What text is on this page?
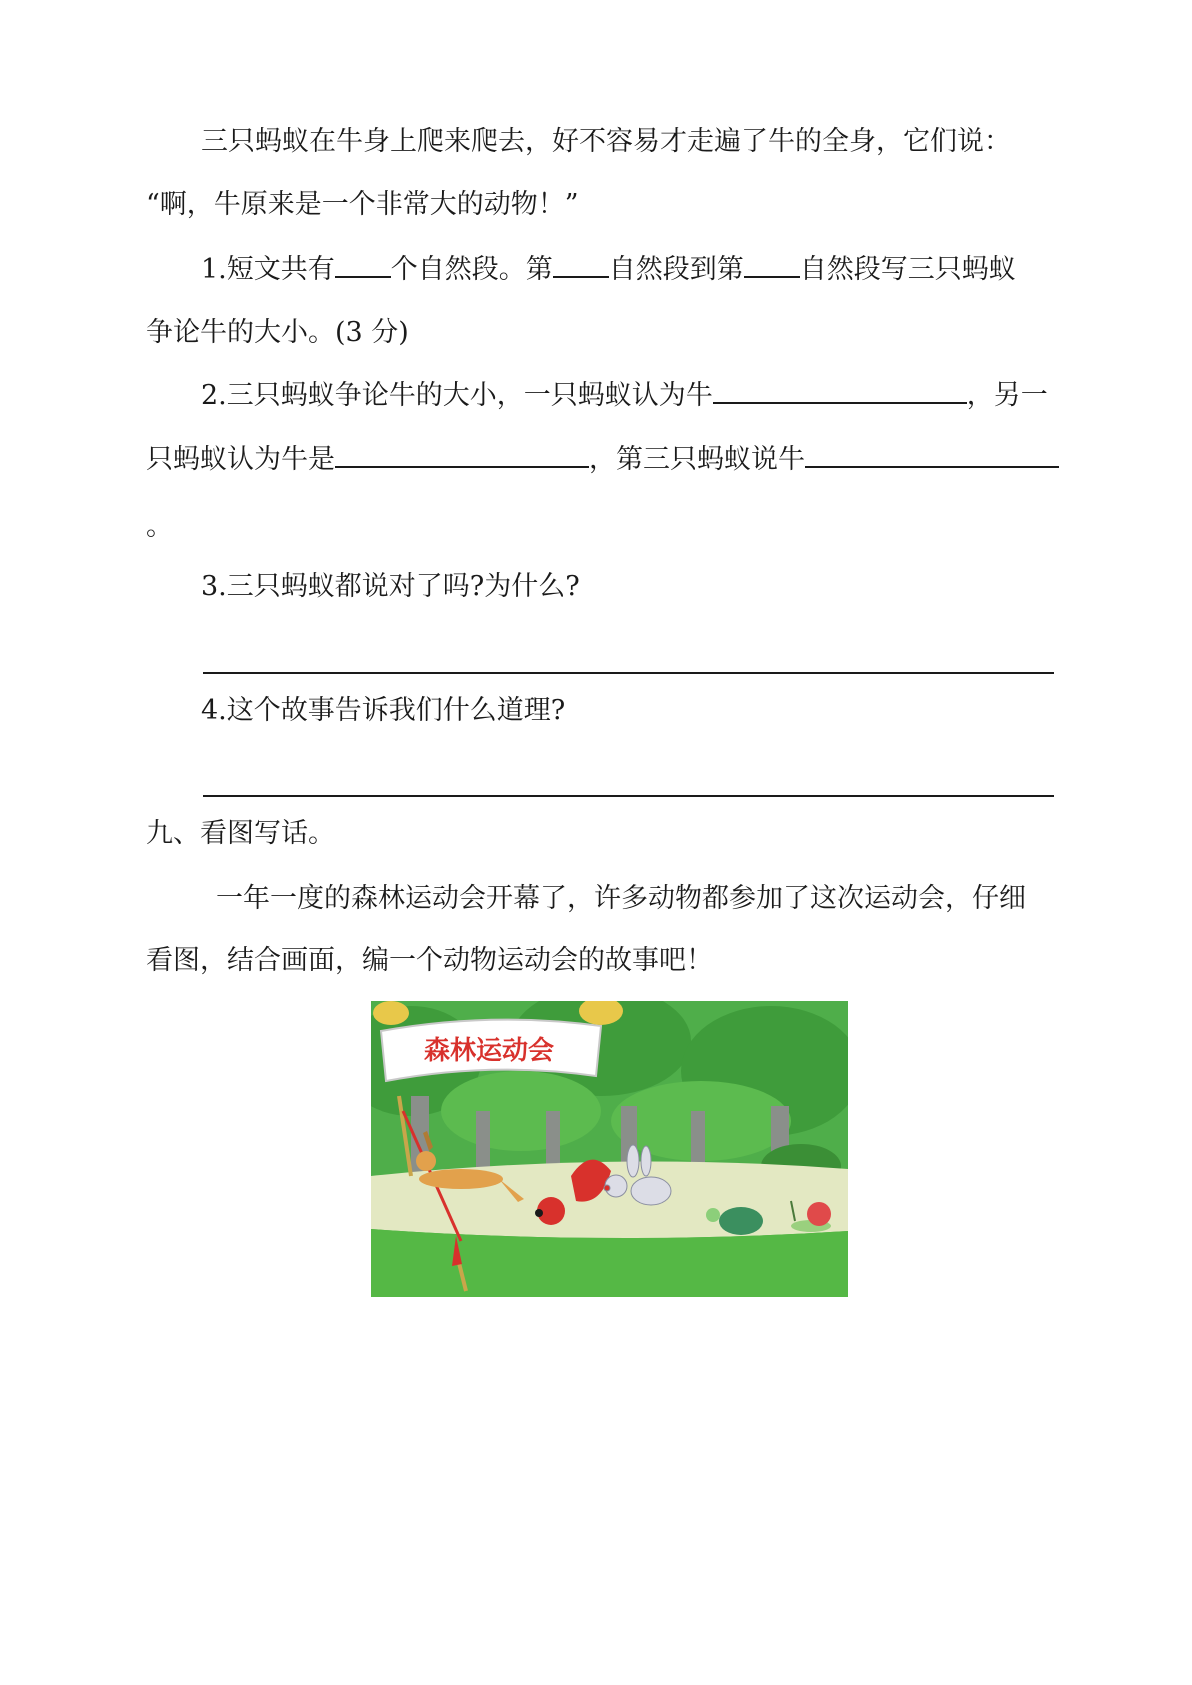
三只蚂蚁在牛身上爬来爬去，好不容易才走遍了牛的全身，它们说：
“啊，牛原来是一个非常大的动物！”
1.短文共有 个自然段。第 自然段到第 自然段写三只蚂蚁
争论牛的大小。(3 分)
2.三只蚂蚁争论牛的大小，一只蚂蚁认为牛	，另一
只蚂蚁认为牛是	，第三只蚂蚁说牛
。
3.三只蚂蚁都说对了吗?为什么?
4.这个故事告诉我们什么道理?
九、看图写话。
一年一度的森林运动会开幕了，许多动物都参加了这次运动会，仔细
看图，结合画面，编一个动物运动会的故事吧！
森林运动会
